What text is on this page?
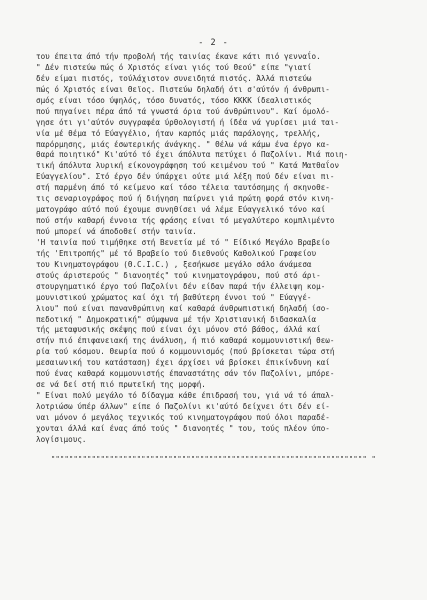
- 2 -
του έπειτα άπό τήν προβολή τής ταινίας έκανε κάτι πιό γενναΐο.
" Δέν πιστεύω πώς ό Χριστός είναι γιός τού Θεού" είπε "γιατί
δέν είμαι πιστός, τούλάχιστον συνειδητά πιστός. Άλλά πιστεύω
πώς ό Χριστός είναι Θεϊος. Πιστεύω δηλαδή ότι σ'αύτόν ή άνθρωπι-
σμός είναι τόσο ύψηλός, τόσο δυνατός, τόσο ΚΚΚΚ ίδεαλιστικός
πού πηγαίνει πέρα άπό τά γνωστά όρια τού άνθρώπινου". Καί όμολό-
γησε ότι γι'αύτόν συγγραφέα ύρθολογιστή ή ίδέα νά γυρίσει μιά ται-
νία μέ θέμα τό Εύαγγέλιο, ήταν καρπός μιάς παράλογης, τρελλής,
παρόρμησης, μιάς έσωτερικής άνάγκης. " Θέλω νά κάμω ένα έργο κα-
θαρά ποιητικό" Κι'αύτό τό έχει άπόλυτα πετύχει ό Παζολίνι. Μιά ποιη-
τική άπόλυτα λυρική είκονογράφηση τού κειμένου τού " Κατά Ματθαΐον
Εύαγγελίου". Στό έργο δέν ύπάρχει ούτε μιά λέξη πού δέν είναι πι-
στή παρμένη άπό τό κείμενο καί τόσο τέλεια ταυτόσημης ή σκηνοθε-
τις σεναριογράφος πού ή διήγηση παίρνει γιά πρώτη φορά στόν κινη-
ματογράφο αύτό πού έχουμε συνηθίσει νά λέμε Εύαγγελικό τόνο καί
πού στήν καθαρή έννοια τής φράσης είναι τό μεγαλύτερο κομπλιμέντο
πού μπορεί νά άποδοθεί στήν ταινία.
'Η ταινία πού τιμήθηκε στή Βενετία μέ τό " Είδικό Μεγάλο Βραβείο
τής 'Επιτροπής" μέ τό Βραβείο τού διεθνούς Καθολικού Γραφείου
του Κινηματογράφου (Θ.C.I.C.) , ξεσήκωσε μεγάλο σάλο άνάμεσα
στούς άριστερούς " διανοητές" τού κινηματογράφου, πού στό άρι-
στουργηματικό έργο τού Παζολίνι δέν είδαν παρά τήν έλλειψη κομ-
μουνιστικού χρώματος καί όχι τή βαθύτερη έννοι τού " Εύαγγέ-
λιου" πού είναι πανανθρώπινη καί καθαρά άνθρωπιστική δηλαδή ίσο-
πεδοτική " Δημοκρατική" σύμφωνα μέ τήν Χριστιανική διδασκαλία
τής μεταφυσικής σκέψης πού είναι όχι μόνον στό βάθος, άλλά καί
στήν πιό έπιφανειακή της άνάλυση, ή πιό καθαρά κομμουνιστική θεω-
ρία τού κόσμου. Θεωρία πού ό κομμουνισμός (πού βρίσκεται τώρα στή
μεσαιωνική του κατάσταση) έχει άρχίσει νά βρίσκει έπικίνδυνη καί
πού ένας καθαρά κομμουνιστής έπαναστάτης σάν τόν Παζολίνι, μπόρε-
σε νά δεί στή πιό πρωτεϊκή της μορφή.
" Είναι πολύ μεγάλο τό δίδαγμα κάθε έπιδρασή του, γιά νά τό άπαλ-
λοτριώσω ύπέρ άλλων" είπε ό Παζολίνι κι'αύτό δείχνει ότι δέν εί-
ναι μόνον ό μεγάλος τεχνικός τού κινηματογράφου πού όλοι παραδέ-
χονται άλλά καί ένας άπό τούς " διανοητές " του, τούς πλέον ύπο-
λογίσιμους.
"""""""""""""""""""""""""""""""""""""""""""""""""""""""""""""""""""""" "
